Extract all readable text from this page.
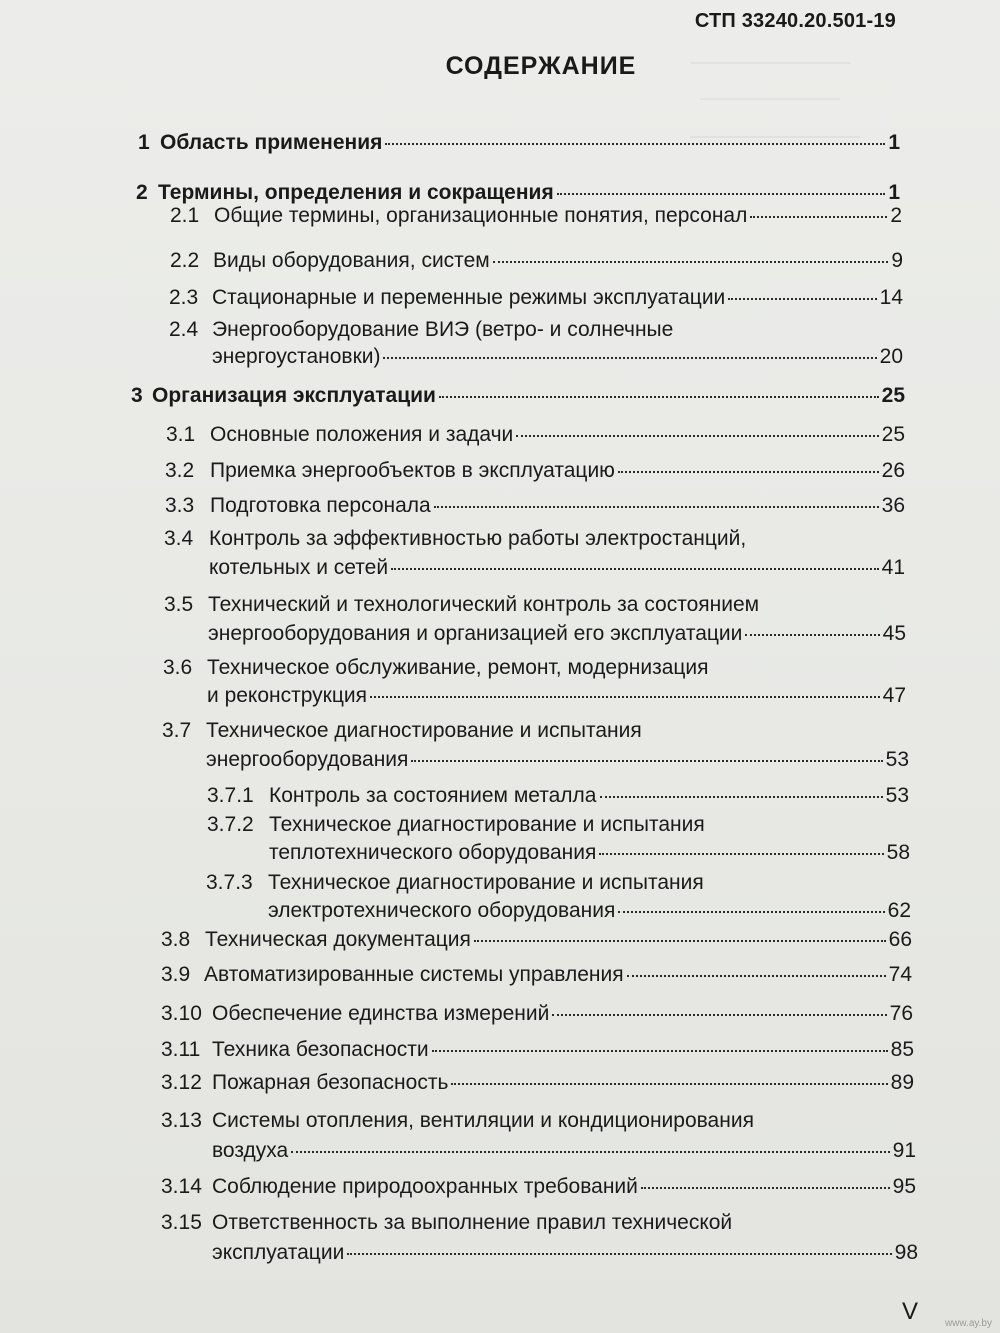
СТП 33240.20.501-19
СОДЕРЖАНИЕ
1 Область применения	1
2 Термины, определения и сокращения	1
2.1 Общие термины, организационные понятия, персонал	2
2.2 Виды оборудования, систем	9
2.3 Стационарные и переменные режимы эксплуатации	14
2.4 Энергооборудование ВИЭ (ветро- и солнечные
энергоустановки)	20
3 Организация эксплуатации	25
3.1 Основные положения и задачи	25
3.2 Приемка энергообъектов в эксплуатацию	26
3.3 Подготовка персонала	36
3.4 Контроль за эффективностью работы электростанций,
котельных и сетей	41
3.5 Технический и технологический контроль за состоянием
энергооборудования и организацией его эксплуатации	45
3.6 Техническое обслуживание, ремонт, модернизация
и реконструкция	47
3.7 Техническое диагностирование и испытания
энергооборудования	53
3.7.1 Контроль за состоянием металла	53
3.7.2 Техническое диагностирование и испытания
теплотехнического оборудования	58
3.7.3 Техническое диагностирование и испытания
электротехнического оборудования	62
3.8 Техническая документация	66
3.9 Автоматизированные системы управления	74
3.10 Обеспечение единства измерений	76
3.11 Техника безопасности	85
3.12 Пожарная безопасность	89
3.13 Системы отопления, вентиляции и кондиционирования
воздуха	91
3.14 Соблюдение природоохранных требований	95
3.15 Ответственность за выполнение правил технической
эксплуатации	98
V	www.ay.by
